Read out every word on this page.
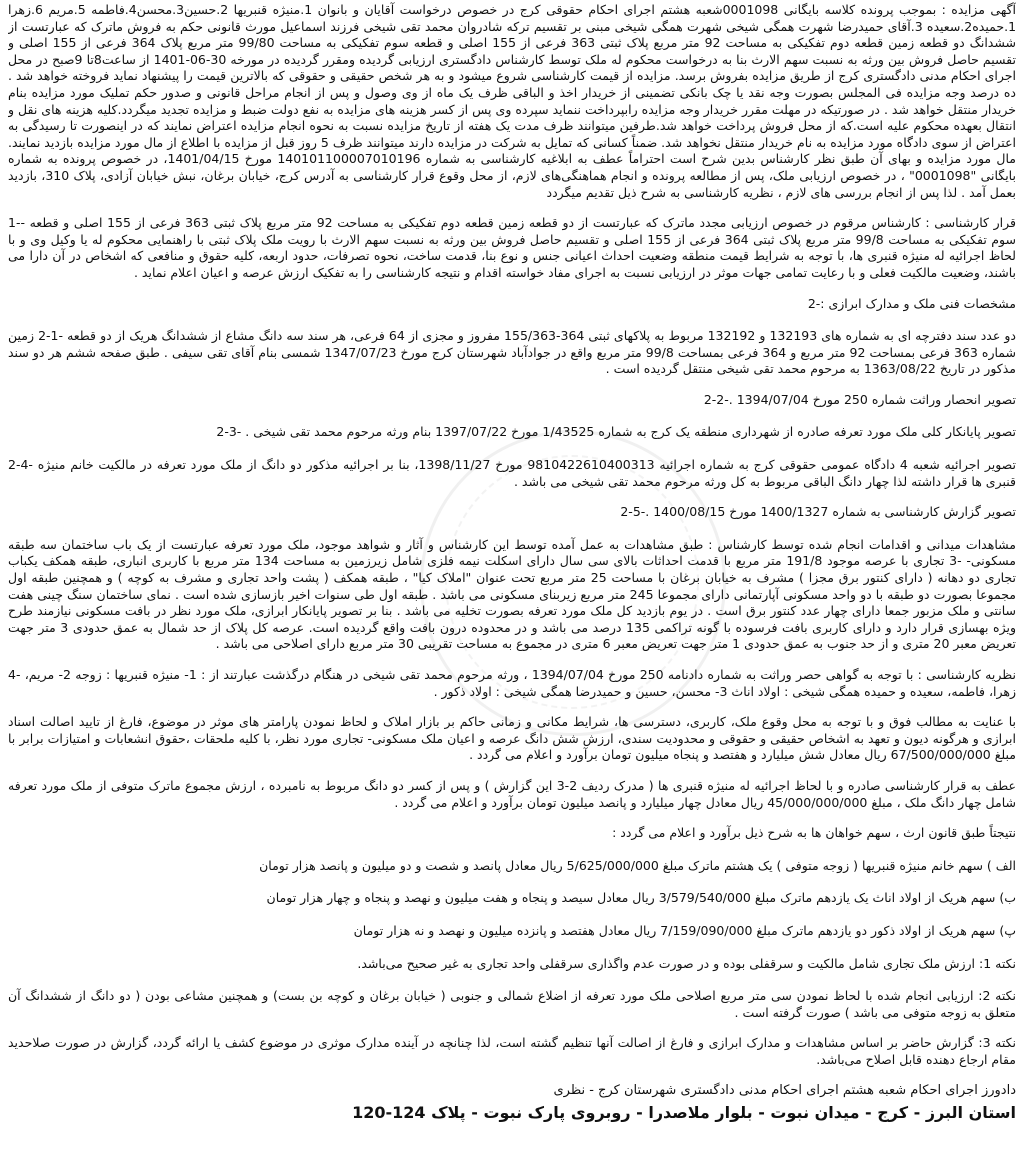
آگهی مزایده : بموجب پرونده کلاسه بایگانی 0001098شعبه هشتم اجرای احکام حقوقی کرج در خصوص درخواست آقایان و بانوان 1.منیژه قنبریها 2.حسین3.محسن4.فاطمه 5.مریم 6.زهرا 1.حمیده2.سعیده 3.آقای حمیدرضا شهرت همگی شیخی شهرت همگی شیخی مبنی بر تقسیم ترکه شادروان محمد تقی شیخی فرزند اسماعیل مورث قانونی حکم به فروش ماترک که عبارتست از ششدانگ دو قطعه زمین قطعه دوم تفکیکی به مساحت 92 متر مربع پلاک ثبتی 363 فرعی از 155 اصلی و قطعه سوم تفکیکی به مساحت 99/80 متر مربع پلاک 364 فرعی از 155 اصلی و تقسیم حاصل فروش بین ورثه به نسبت سهم الارث بنا به درخواست محکوم له ملک توسط کارشناس دادگستری ارزیابی گردیده ومقرر گردیده در مورخه 30-06-1401 از ساعت8تا 9صبح در محل اجرای احکام مدنی دادگستری کرج از طریق مزایده بفروش برسد. مزایده از قیمت کارشناسی شروع میشود و به هر شخص حقیقی و حقوقی که بالاترین قیمت را پیشنهاد نماید فروخته خواهد شد . ده درصد وجه مزایده فی المجلس بصورت وجه نقد یا چک بانکی تضمینی از خریدار اخذ و الباقی ظرف یک ماه از وی وصول و پس از انجام مراحل قانونی و صدور حکم تملیک مورد مزایده بنام خریدار منتقل خواهد شد . در صورتیکه در مهلت مقرر خریدار وجه مزایده رابپرداخت ننماید سپرده وی پس از کسر هزینه های مزایده به نفع دولت ضبط و مزایده تجدید میگردد.کلیه هزینه های نقل و انتقال بعهده محکوم علیه است.که از محل فروش پرداخت خواهد شد.طرفین میتوانند ظرف مدت یک هفته از تاریخ مزایده نسبت به نحوه انجام مزایده اعتراض نمایند که در اینصورت تا رسیدگی به اعتراض از سوی دادگاه مورد مزایده به نام خریدار منتقل نخواهد شد. ضمناً کسانی که تمایل به شرکت در مزایده دارند میتوانند ظرف 5 روز قبل از مزایده با اطلاع از مال مورد مزایده بازدید نمایند. مال مورد مزایده و بهای آن طبق نظر کارشناس بدین شرح است احتراماً عطف به ابلاغیه کارشناسی به شماره 140101100007010196 مورخ 1401/04/15، در خصوص پرونده به شماره بایگانی "0001098" ، در خصوص ارزیابی ملک، پس از مطالعه پرونده و انجام هماهنگی‌های لازم، از محل وقوع قرار کارشناسی به آدرس کرج، خیابان برغان، نبش خیابان آزادی، پلاک 310، بازدید بعمل آمد . لذا پس از انجام بررسی های لازم ، نظریه کارشناسی به شرح ذیل تقدیم میگردد

قرار کارشناسی : کارشناس مرقوم در خصوص ارزیابی مجدد ماترک که عبارتست از دو قطعه زمین قطعه دوم تفکیکی به مساحت 92 متر مربع پلاک ثبتی 363 فرعی از 155 اصلی و قطعه --1 سوم تفکیکی به مساحت 99/8 متر مربع پلاک ثبتی 364 فرعی از 155 اصلی و تقسیم حاصل فروش بین ورثه به نسبت سهم الارث با رویت ملک پلاک ثبتی با راهنمایی محکوم له یا وکیل وی و با لحاظ اجرائیه له منیژه قنبری ها، با توجه به شرایط قیمت منطقه وضعیت احداث اعیانی جنس و نوع بنا، قدمت ساخت، نحوه تصرفات، حدود اربعه، کلیه حقوق و منافعی که اشخاص در آن دارا می باشند، وضعیت مالکیت فعلی و با رعایت تمامی جهات موثر در ارزیابی نسبت به اجرای مفاد خواسته اقدام و نتیجه کارشناسی را به تفکیک ارزش عرصه و اعیان اعلام نماید .

مشخصات فنی ملک و مدارک ابرازی :-2

دو عدد سند دفترچه ای به شماره های 132193 و 132192 مربوط به پلاکهای ثبتی 364-155/363 مفروز و مجزی از 64 فرعی، هر سند سه دانگ مشاع از ششدانگ هریک از دو قطعه -1-2 زمین شماره 363 فرعی بمساحت 92 متر مربع و 364 فرعی بمساحت 99/8 متر مربع واقع در جوادآباد شهرستان کرج مورخ 1347/07/23 شمسی بنام آقای تقی سیفی . طبق صفحه ششم هر دو سند مذکور در تاریخ 1363/08/22 به مرحوم محمد تقی شیخی منتقل گردیده است .

تصویر انحصار وراثت شماره 250 مورخ 1394/07/04 .-2-2

تصویر پایانکار کلی ملک مورد تعرفه صادره از شهرداری منطقه یک کرج به شماره 1/43525 مورخ 1397/07/22 بنام ورثه مرحوم محمد تقی شیخی . -3-2

تصویر اجرائیه شعبه 4 دادگاه عمومی حقوقی کرج به شماره اجرائیه 9810422610400313 مورخ 1398/11/27، بنا بر اجرائیه مذکور دو دانگ از ملک مورد تعرفه در مالکیت خانم منیژه -4-2 قنبری ها قرار داشته لذا چهار دانگ الباقی مربوط به کل ورثه مرحوم محمد تقی شیخی می باشد .

تصویر گزارش کارشناسی به شماره 1400/1327 مورخ 1400/08/15 .-5-2

مشاهدات میدانی و اقدامات انجام شده توسط کارشناس : طبق مشاهدات به عمل آمده توسط این کارشناس و آثار و شواهد موجود، ملک مورد تعرفه عبارتست از یک باب ساختمان سه طبقه مسکونی- -3 تجاری با عرصه موجود 191/8 متر مربع با قدمت احداثات بالای سی سال دارای اسکلت نیمه فلزی شامل زیرزمین به مساحت 134 متر مربع با کاربری انباری، طبقه همکف یکباب تجاری دو دهانه ( دارای کنتور برق مجزا ) مشرف به خیابان برغان با مساحت 25 متر مربع تحت عنوان "املاک کیا" ، طبقه همکف ( پشت واحد تجاری و مشرف به کوچه ) و همچنین طبقه اول مجموعا بصورت دو طبقه با دو واحد مسکونی آپارتمانی دارای مجموعا 245 متر مربع زیربنای مسکونی می باشد . طبقه اول طی سنوات اخیر بازسازی شده است . نمای ساختمان سنگ چینی هفت سانتی و ملک مزبور جمعا دارای چهار عدد کنتور برق است . در یوم بازدید کل ملک مورد تعرفه بصورت تخلیه می باشد . بنا بر تصویر پایانکار ابرازی، ملک مورد نظر در بافت مسکونی نیازمند طرح ویژه بهسازی قرار دارد و دارای کاربری بافت فرسوده با گونه تراکمی 135 درصد می باشد و در محدوده درون بافت واقع گردیده است. عرصه کل پلاک از حد شمال به عمق حدودی 3 متر جهت تعریض معبر 20 متری و از حد جنوب به عمق حدودی 1 متر جهت تعریض معبر 6 متری در مجموع به مساحت تقریبی 30 متر مربع دارای اصلاحی می باشد .

نظریه کارشناسی : با توجه به گواهی حصر وراثت به شماره دادنامه 250 مورخ 1394/07/04 ، ورثه مرحوم محمد تقی شیخی در هنگام درگذشت عبارتند از : 1- منیژه قنبریها : زوجه 2- مریم، -4 زهرا، فاطمه، سعیده و حمیده همگی شیخی : اولاد اناث 3- محسن، حسین و حمیدرضا همگی شیخی : اولاد ذکور .

با عنایت به مطالب فوق و با توجه به محل وقوع ملک، کاربری، دسترسی ها، شرایط مکانی و زمانی حاکم بر بازار املاک و لحاظ نمودن پارامتر های موثر در موضوع، فارغ از تایید اصالت اسناد ابرازی و هرگونه دیون و تعهد به اشخاص حقیقی و حقوقی و محدودیت سندی، ارزش شش دانگ عرصه و اعیان ملک مسکونی- تجاری مورد نظر، با کلیه ملحقات ،حقوق انشعابات و امتیازات برابر با مبلغ 67/500/000/000 ریال معادل شش میلیارد و هفتصد و پنجاه میلیون تومان برآورد و اعلام می گردد .

عطف به قرار کارشناسی صادره و با لحاظ اجرائیه له منیژه قنبری ها ( مدرک ردیف 2-3 این گزارش ) و پس از کسر دو دانگ مربوط به نامبرده ، ارزش مجموع ماترک متوفی از ملک مورد تعرفه شامل چهار دانگ ملک ، مبلغ 45/000/000/000 ریال معادل چهار میلیارد و پانصد میلیون تومان برآورد و اعلام می گردد .

نتیجتاً طبق قانون ارث ، سهم خواهان ها به شرح ذیل برآورد و اعلام می گردد :

الف ) سهم خانم منیژه قنبریها ( زوجه متوفی ) یک هشتم ماترک مبلغ 5/625/000/000 ریال معادل پانصد و شصت و دو میلیون و پانصد هزار تومان

ب) سهم هریک از اولاد اناث یک یازدهم ماترک مبلغ 3/579/540/000 ریال معادل سیصد و پنجاه و هفت میلیون و نهصد و پنجاه و چهار هزار تومان

پ) سهم هریک از اولاد ذکور دو یازدهم ماترک مبلغ 7/159/090/000 ریال معادل هفتصد و پانزده میلیون و نهصد و نه هزار تومان

نکته 1: ارزش ملک تجاری شامل مالکیت و سرقفلی بوده و در صورت عدم واگذاری سرقفلی واحد تجاری به غیر صحیح می‌باشد.

نکته 2: ارزیابی انجام شده با لحاظ نمودن سی متر مربع اصلاحی ملک مورد تعرفه از اضلاع شمالی و جنوبی ( خیابان برغان و کوچه بن بست) و همچنین مشاعی بودن ( دو دانگ از ششدانگ آن متعلق به زوجه متوفی می باشد ) صورت گرفته است .

نکته 3: گزارش حاضر بر اساس مشاهدات و مدارک ابرازی و فارغ از اصالت آنها تنظیم گشته است، لذا چنانچه در آینده مدارک موثری در موضوع کشف یا ارائه گردد، گزارش در صورت صلاحدید مقام ارجاع دهنده قابل اصلاح می‌باشد.

دادورز اجرای احکام شعبه هشتم اجرای احکام مدنی دادگستری شهرستان کرج - نظری

استان البرز - کرج - میدان نبوت - بلوار ملاصدرا - روبروی پارک نبوت - پلاک 124-120
